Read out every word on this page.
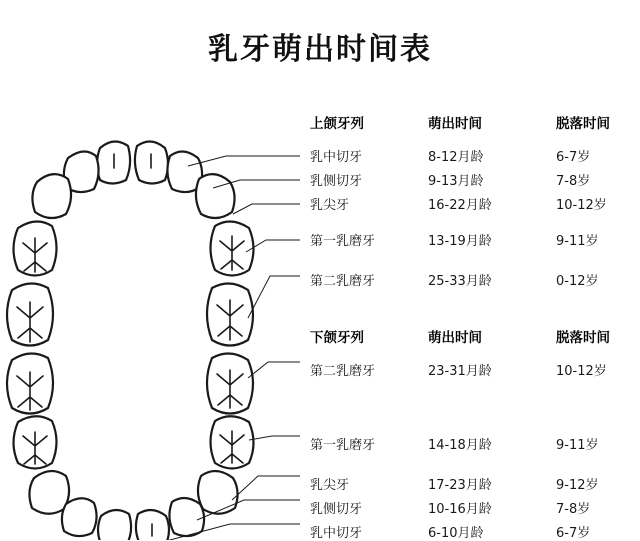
乳牙萌出时间表
上颌牙列	萌出时间	脱落时间
乳中切牙	8-12月龄	6-7岁
乳侧切牙	9-13月龄	7-8岁
乳尖牙	16-22月龄	10-12岁
第一乳磨牙	13-19月龄	9-11岁
第二乳磨牙	25-33月龄	0-12岁
下颌牙列	萌出时间	脱落时间
第二乳磨牙	23-31月龄	10-12岁
第一乳磨牙	14-18月龄	9-11岁
乳尖牙	17-23月龄	9-12岁
乳侧切牙	10-16月龄	7-8岁
乳中切牙	6-10月龄	6-7岁
